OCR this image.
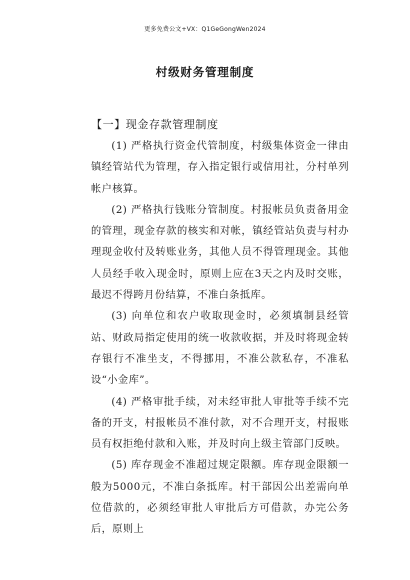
更多免费公文+VX：Q1GeGongWen2024
村级财务管理制度
【一】现金存款管理制度

(1) 严格执行资金代管制度，村级集体资金一律由镇经管站代为管理，存入指定银行或信用社，分村单列帐户核算。

(2) 严格执行钱账分管制度。村报帐员负责备用金的管理，现金存款的核实和对帐，镇经管站负责与村办理现金收付及转账业务，其他人员不得管理现金。其他人员经手收入现金时，原则上应在3天之内及时交账，最迟不得跨月份结算，不准白条抵库。

(3) 向单位和农户收取现金时，必须填制县经管站、财政局指定使用的统一收款收据，并及时将现金转存银行不准坐支，不得挪用，不准公款私存，不准私设“小金库”。

(4) 严格审批手续，对未经审批人审批等手续不完备的开支，村报帐员不准付款，对不合理开支，村报账员有权拒绝付款和入账，并及时向上级主管部门反映。

(5) 库存现金不准超过规定限额。库存现金限额一般为5000元，不准白条抵库。村干部因公出差需向单位借款的，必须经审批人审批后方可借款，办完公务后，原则上
